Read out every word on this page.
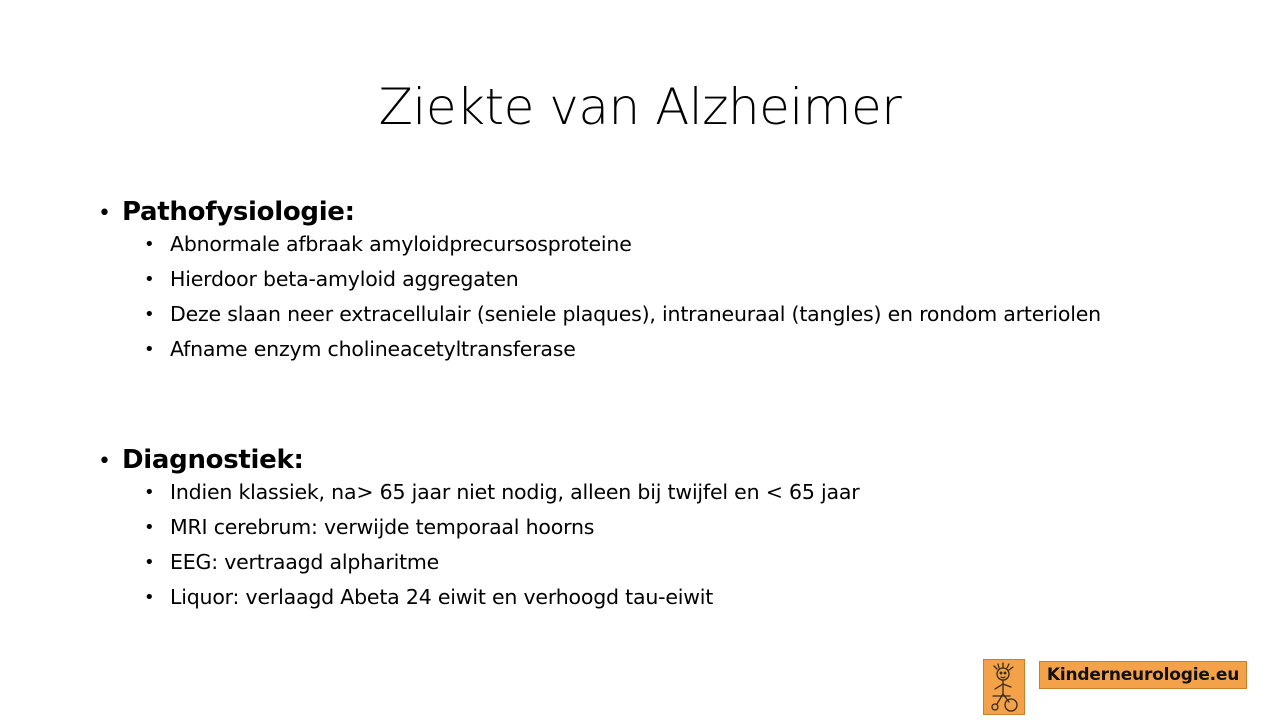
Ziekte van Alzheimer
• Pathofysiologie:
• Abnormale afbraak amyloidprecursosproteine
• Hierdoor beta-amyloid aggregaten
• Deze slaan neer extracellulair (seniele plaques), intraneuraal (tangles) en rondom arteriolen
• Afname enzym cholineacetyltransferase
• Diagnostiek:
• Indien klassiek, na> 65 jaar niet nodig, alleen bij twijfel en < 65 jaar
• MRI cerebrum: verwijde temporaal hoorns
• EEG: vertraagd alpharitme
• Liquor: verlaagd Abeta 24 eiwit en verhoogd tau-eiwit
Kinderneurologie.eu
